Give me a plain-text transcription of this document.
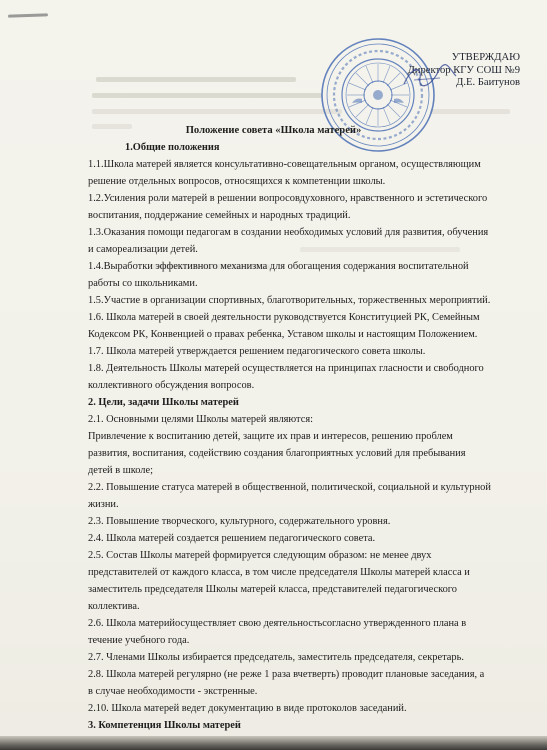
УТВЕРЖДАЮ
Директор КГУ СОШ №9
Д.Е. Баитунов
Положение совета «Школа матерей»
1.Общие положения
1.1.Школа матерей является консультативно-совещательным органом, осуществляющим
решение отдельных вопросов, относящихся к компетенции школы.
1.2.Усиления роли матерей в решении вопросовдуховного, нравственного и эстетического
воспитания, поддержание семейных и народных традиций.
1.3.Оказания помощи педагогам в создании необходимых условий для развития, обучения
и самореализации детей.
1.4.Выработки эффективного механизма для обогащения содержания воспитательной
работы со школьниками.
1.5.Участие в организации спортивных, благотворительных, торжественных мероприятий.
1.6. Школа матерей в своей деятельности руководствуется Конституцией РК, Семейным
Кодексом РК, Конвенцией о правах ребенка, Уставом школы и настоящим Положением.
1.7. Школа матерей утверждается решением педагогического совета школы.
1.8. Деятельность Школы матерей осуществляется на принципах гласности и свободного
коллективного обсуждения вопросов.
2. Цели, задачи Школы матерей
2.1. Основными целями Школы матерей являются:
Привлечение к воспитанию детей, защите их прав и интересов, решению проблем
развития, воспитания, содействию создания благоприятных условий для пребывания
детей в школе;
2.2. Повышение статуса матерей в общественной, политической, социальной и культурной
жизни.
2.3. Повышение творческого, культурного, содержательного уровня.
2.4. Школа матерей создается решением педагогического совета.
2.5. Состав Школы матерей формируется следующим образом: не менее двух
представителей от каждого класса, в том числе председателя Школы матерей класса и
заместитель председателя Школы матерей класса, представителей педагогического
коллектива.
2.6. Школа материйосуществляет свою деятельностьсогласно утвержденного плана в
течение учебного года.
2.7. Членами Школы избирается председатель, заместитель председателя, секретарь.
2.8. Школа матерей регулярно (не реже 1 раза вчетверть) проводит плановые заседания, а
в случае необходимости - экстренные.
2.10. Школа матерей ведет документацию в виде протоколов заседаний.
3. Компетенция Школы матерей
